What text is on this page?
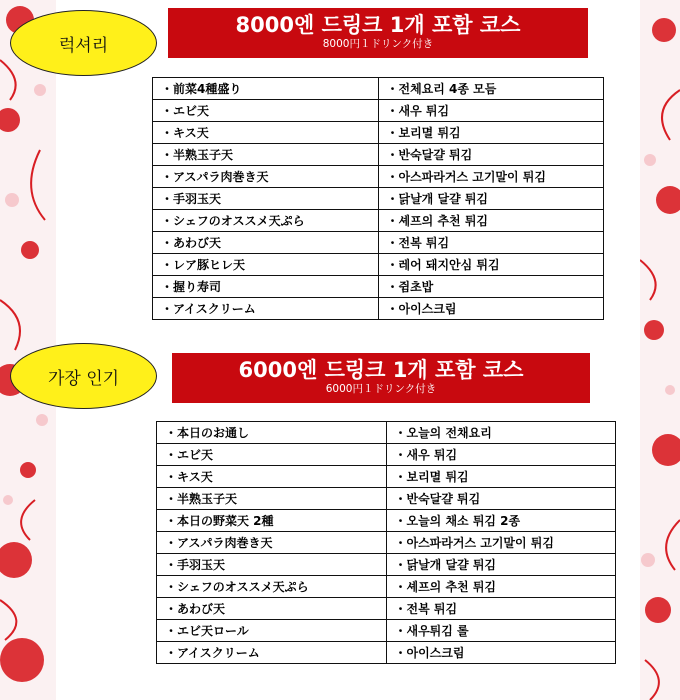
럭셔리
8000엔 드링크 1개 포함 코스
8000円１ドリンク付き
・前菜4種盛り	・전체요리 4종 모듬
・エビ天	・새우 튀김
・キス天	・보리멸 튀김
・半熟玉子天	・반숙달걀 튀김
・アスパラ肉巻き天	・아스파라거스 고기말이 튀김
・手羽玉天	・닭날개 달걀 튀김
・シェフのオススメ天ぷら	・셰프의 추천 튀김
・あわび天	・전복 튀김
・レア豚ヒレ天	・레어 돼지안심 튀김
・握り寿司	・쥠초밥
・アイスクリーム	・아이스크림
가장 인기	6000엔 드링크 1개 포함 코스
6000円１ドリンク付き
・本日のお通し	・오늘의 전채요리
・エビ天	・새우 튀김
・キス天	・보리멸 튀김
・半熟玉子天	・반숙달걀 튀김
・本日の野菜天 2種	・오늘의 채소 튀김 2종
・アスパラ肉巻き天	・아스파라거스 고기말이 튀김
・手羽玉天	・닭날개 달걀 튀김
・シェフのオススメ天ぷら	・셰프의 추천 튀김
・あわび天	・전복 튀김
・エビ天ロール	・새우튀김 롤
・アイスクリーム	・아이스크림
